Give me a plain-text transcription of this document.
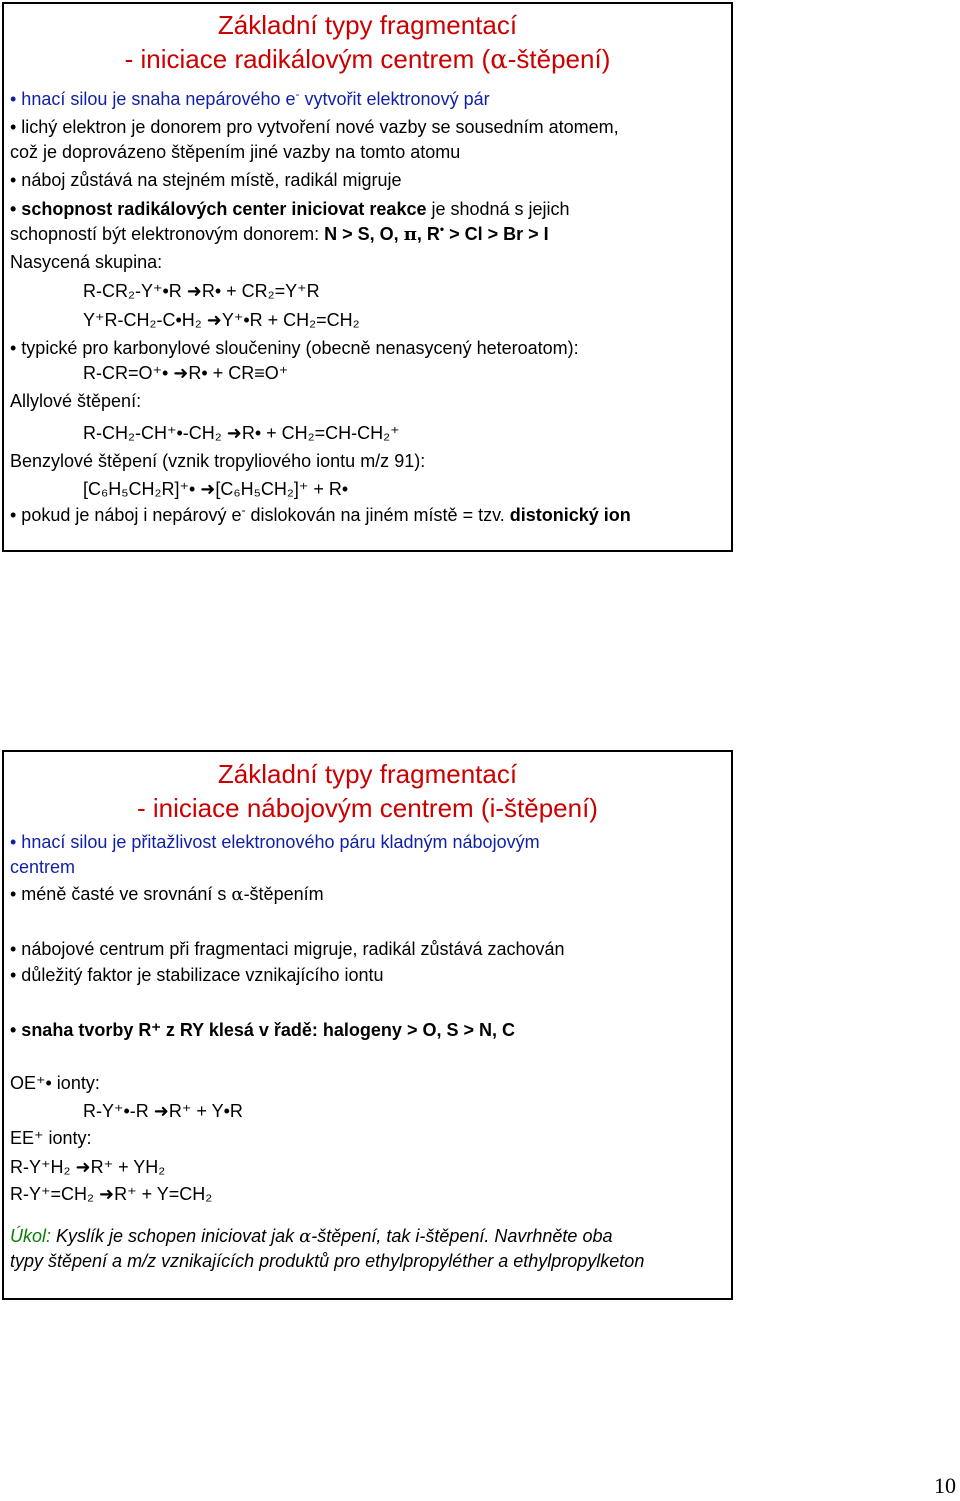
Základní typy fragmentací
- iniciace radikálovým centrem (α-štěpení)
• hnací silou je snaha nepárového e- vytvořit elektronový pár
• lichý elektron je donorem pro vytvoření nové vazby se sousedním atomem,
což je doprovázeno štěpením jiné vazby na tomto atomu
• náboj zůstává na stejném místě, radikál migruje
• schopnost radikálových center iniciovat reakce je shodná s jejich
schopností být elektronovým donorem: N > S, O, π, R• > Cl > Br > I
Nasycená skupina:
R-CR₂-Y⁺•R ➜R• + CR₂=Y⁺R
Y⁺R-CH₂-C•H₂ ➜Y⁺•R + CH₂=CH₂
• typické pro karbonylové sloučeniny (obecně nenasycený heteroatom):
R-CR=O⁺• ➜R• + CR≡O⁺
Allylové štěpení:
R-CH₂-CH⁺•-CH₂ ➜R• + CH₂=CH-CH₂⁺
Benzylové štěpení (vznik tropyliového iontu m/z 91):
[C₆H₅CH₂R]⁺• ➜[C₆H₅CH₂]⁺ + R•
• pokud je náboj i nepárový e- dislokován na jiném místě = tzv. distonický ion
Základní typy fragmentací
- iniciace nábojovým centrem (i-štěpení)
• hnací silou je přitažlivost elektronového páru kladným nábojovým
centrem
• méně časté ve srovnání s α-štěpením
• nábojové centrum při fragmentaci migruje, radikál zůstává zachován
• důležitý faktor je stabilizace vznikajícího iontu
• snaha tvorby R⁺ z RY klesá v řadě: halogeny > O, S > N, C
OE⁺• ionty:
R-Y⁺•-R ➜R⁺ + Y•R
EE⁺ ionty:
R-Y⁺H₂ ➜R⁺ + YH₂
R-Y⁺=CH₂ ➜R⁺ + Y=CH₂
Úkol: Kyslík je schopen iniciovat jak α-štěpení, tak i-štěpení. Navrhněte oba
typy štěpení a m/z vznikajících produktů pro ethylpropyléther a ethylpropylketon
10
